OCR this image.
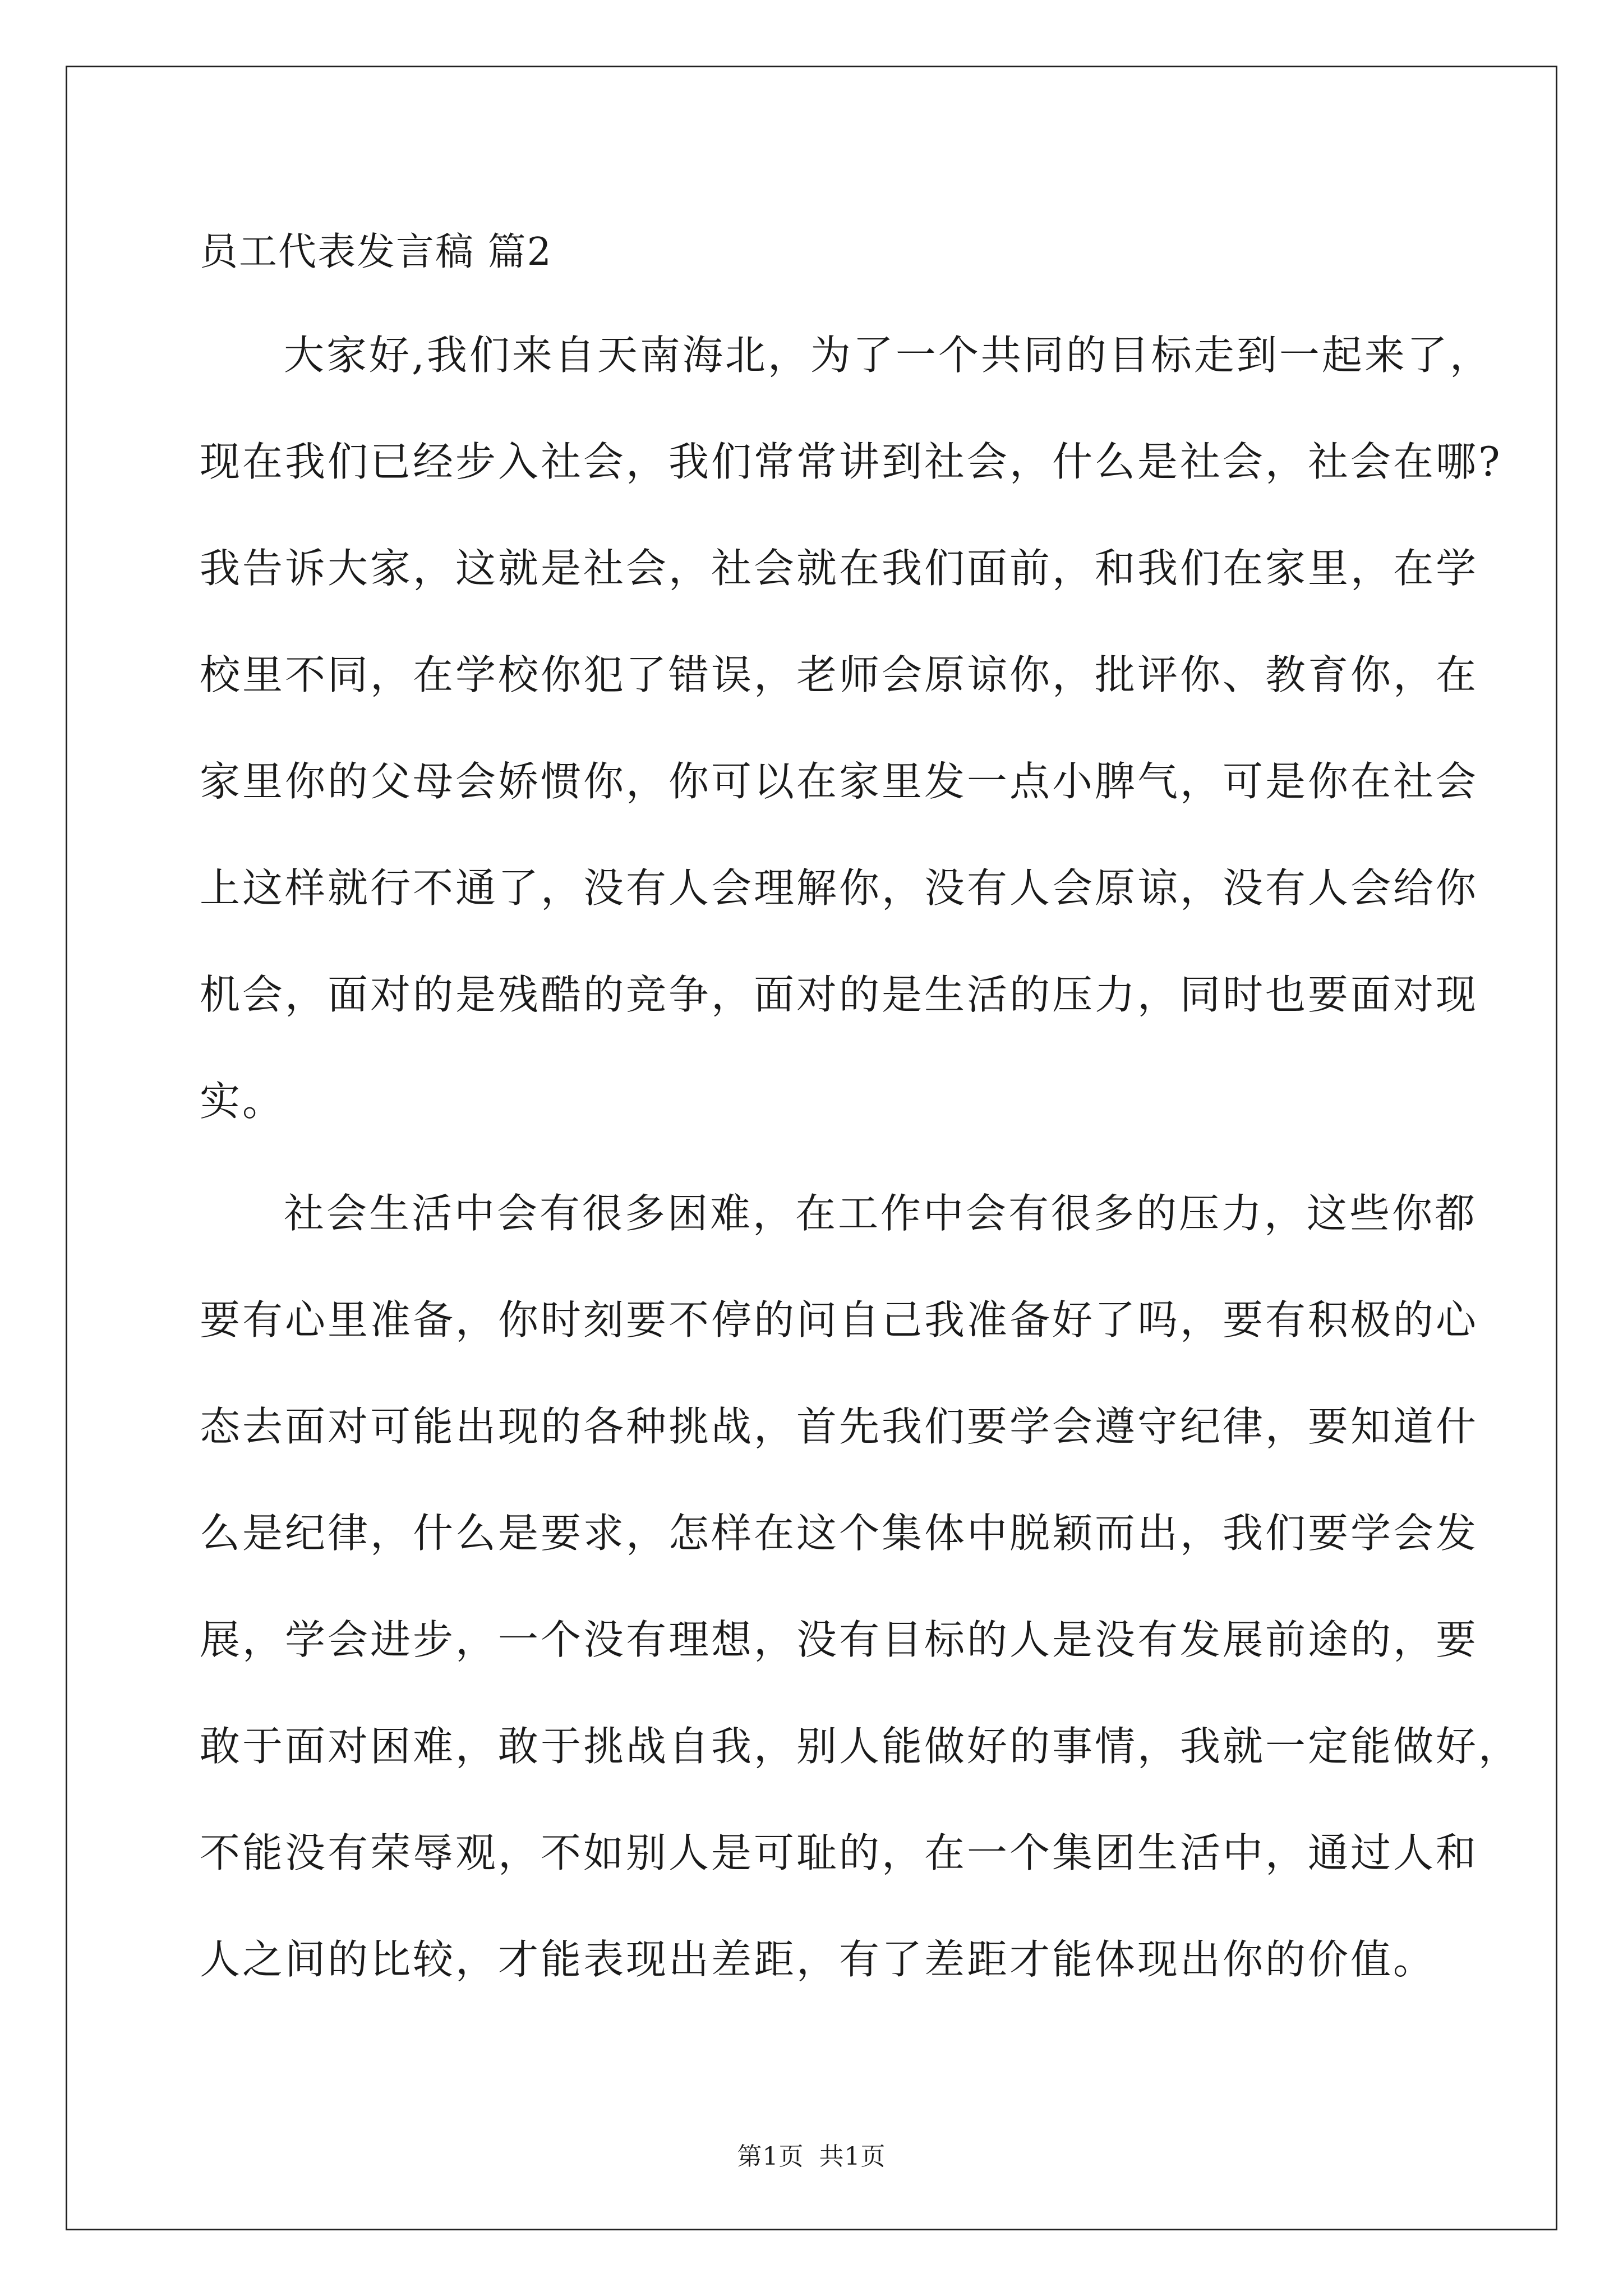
员工代表发言稿 篇2
大家好,我们来自天南海北，为了一个共同的目标走到一起来了，
现在我们已经步入社会，我们常常讲到社会，什么是社会，社会在哪?
我告诉大家，这就是社会，社会就在我们面前，和我们在家里，在学
校里不同，在学校你犯了错误，老师会原谅你，批评你、教育你，在
家里你的父母会娇惯你，你可以在家里发一点小脾气，可是你在社会
上这样就行不通了，没有人会理解你，没有人会原谅，没有人会给你
机会，面对的是残酷的竞争，面对的是生活的压力，同时也要面对现
实。
社会生活中会有很多困难，在工作中会有很多的压力，这些你都
要有心里准备，你时刻要不停的问自己我准备好了吗，要有积极的心
态去面对可能出现的各种挑战，首先我们要学会遵守纪律，要知道什
么是纪律，什么是要求，怎样在这个集体中脱颖而出，我们要学会发
展，学会进步，一个没有理想，没有目标的人是没有发展前途的，要
敢于面对困难，敢于挑战自我，别人能做好的事情，我就一定能做好，
不能没有荣辱观，不如别人是可耻的，在一个集团生活中，通过人和
人之间的比较，才能表现出差距，有了差距才能体现出你的价值。
第1页 共1页
